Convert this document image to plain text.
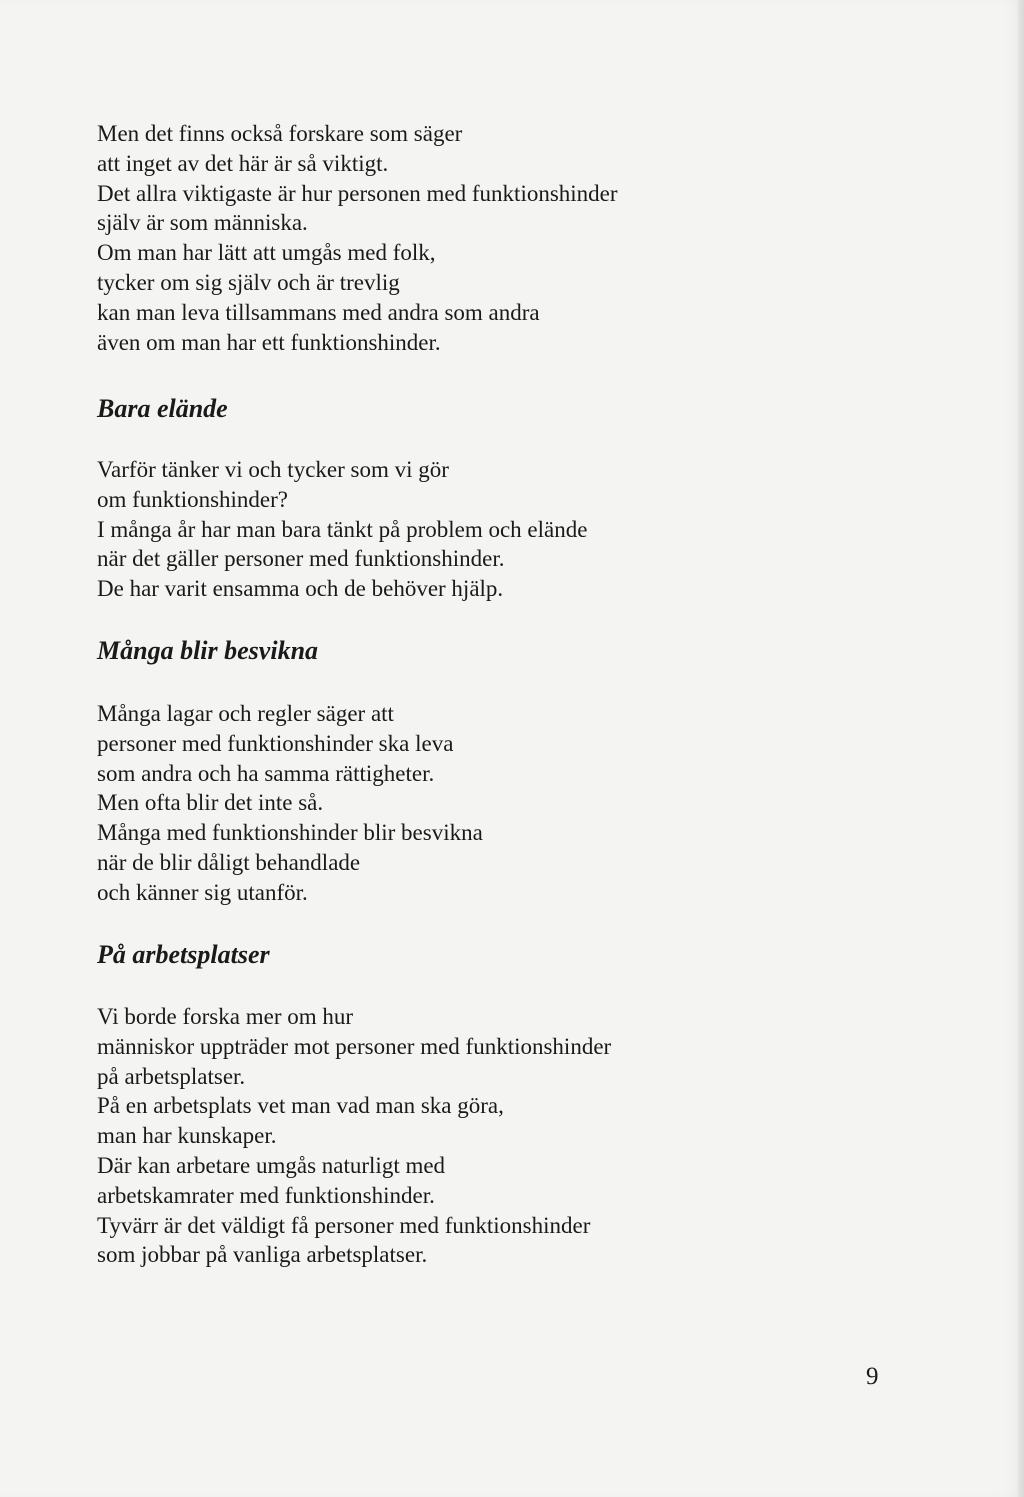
Men det finns också forskare som säger
att inget av det här är så viktigt.
Det allra viktigaste är hur personen med funktionshinder
själv är som människa.
Om man har lätt att umgås med folk,
tycker om sig själv och är trevlig
kan man leva tillsammans med andra som andra
även om man har ett funktionshinder.
Bara elände
Varför tänker vi och tycker som vi gör
om funktionshinder?
I många år har man bara tänkt på problem och elände
när det gäller personer med funktionshinder.
De har varit ensamma och de behöver hjälp.
Många blir besvikna
Många lagar och regler säger att
personer med funktionshinder ska leva
som andra och ha samma rättigheter.
Men ofta blir det inte så.
Många med funktionshinder blir besvikna
när de blir dåligt behandlade
och känner sig utanför.
På arbetsplatser
Vi borde forska mer om hur
människor uppträder mot personer med funktionshinder
på arbetsplatser.
På en arbetsplats vet man vad man ska göra,
man har kunskaper.
Där kan arbetare umgås naturligt med
arbetskamrater med funktionshinder.
Tyvärr är det väldigt få personer med funktionshinder
som jobbar på vanliga arbetsplatser.
9
